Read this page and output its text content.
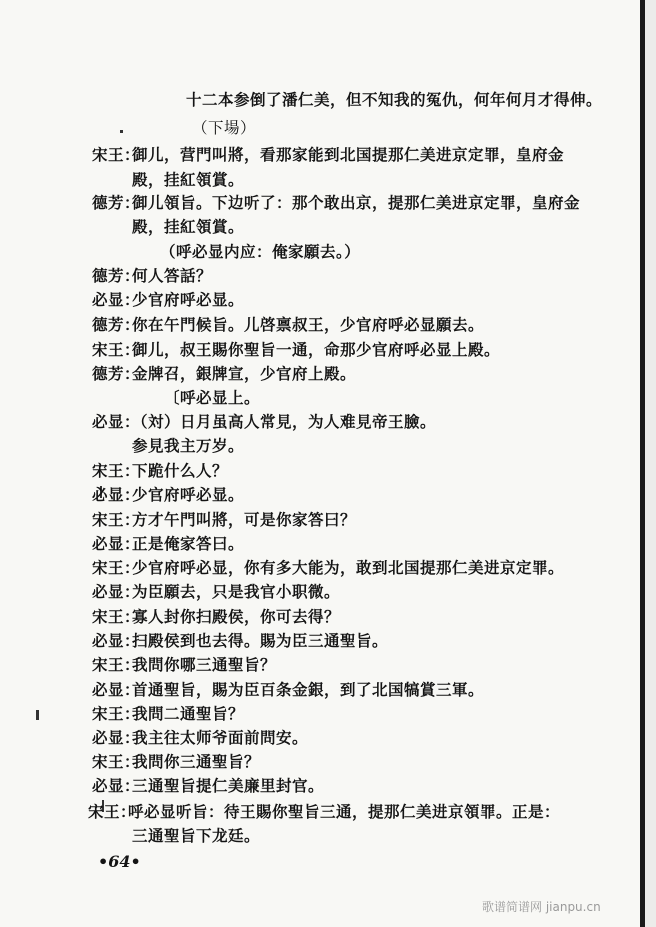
十二本参倒了潘仁美，但不知我的冤仇，何年何月才得伸。
（下場）
宋王：御儿，营門叫將，看那家能到北国提那仁美进京定罪，皇府金
殿，挂紅領賞。
德芳：御儿領旨。下边听了：那个敢出京，提那仁美进京定罪，皇府金
殿，挂紅領賞。
（呼必显内应：俺家願去。）
德芳：何人答話？
必显：少官府呼必显。
德芳：你在午門候旨。儿啓禀叔王，少官府呼必显願去。
宋王：御儿，叔王賜你聖旨一通，命那少官府呼必显上殿。
德芳：金牌召，銀牌宣，少官府上殿。
〔呼必显上。
必显：（対）日月虽高人常見，为人难見帝王臉。
参見我主万岁。
宋王：下跪什么人？
必显：少官府呼必显。
宋王：方才午門叫將，可是你家答曰？
必显：正是俺家答曰。
宋王：少官府呼必显，你有多大能为，敢到北国提那仁美进京定罪。
必显：为臣願去，只是我官小职微。
宋王：寡人封你扫殿侯，你可去得？
必显：扫殿侯到也去得。賜为臣三通聖旨。
宋王：我問你哪三通聖旨？
必显：首通聖旨，賜为臣百条金銀，到了北国犒賞三軍。
宋王：我問二通聖旨？
必显：我主往太师爷面前問安。
宋王：我問你三通聖旨？
必显：三通聖旨提仁美廉里封官。
宋王：呼必显听旨：待王賜你聖旨三通，提那仁美进京領罪。正是：
三通聖旨下龙廷。
•64•
歌谱简谱网 jianpu.cn
